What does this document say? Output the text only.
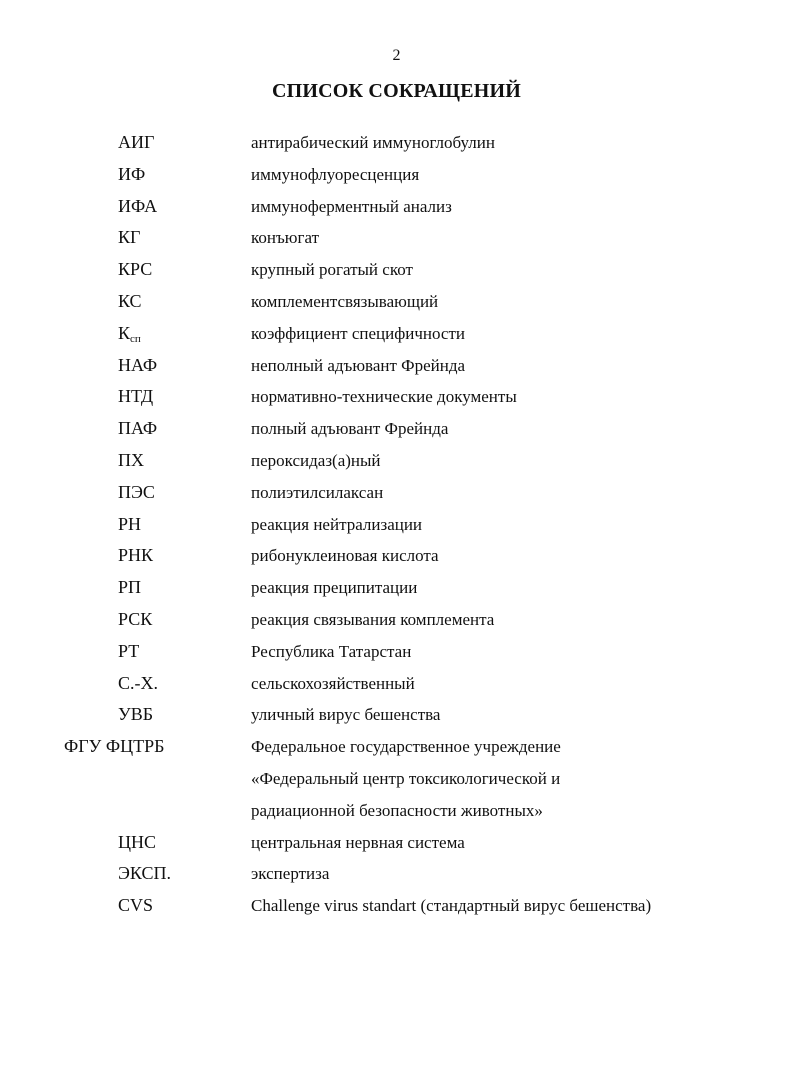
2
СПИСОК СОКРАЩЕНИЙ
АИГ	антирабический иммуноглобулин
ИФ	иммунофлуоресценция
ИФА	иммуноферментный анализ
КГ	конъюгат
КРС	крупный рогатый скот
КС	комплементсвязывающий
$К_{сп}$	коэффициент специфичности
НАФ	неполный адъювант Фрейнда
НТД	нормативно-технические документы
ПАФ	полный адъювант Фрейнда
ПХ	пероксидаз(а)ный
ПЭС	полиэтилсилаксан
РН	реакция нейтрализации
РНК	рибонуклеиновая кислота
РП	реакция преципитации
РСК	реакция связывания комплемента
РТ	Республика Татарстан
С.-Х.	сельскохозяйственный
УВБ	уличный вирус бешенства
ФГУ ФЦТРБ	Федеральное государственное учреждение
«Федеральный центр токсикологической и
радиационной безопасности животных»
ЦНС	центральная нервная система
ЭКСП.	экспертиза
CVS	Challenge virus standart (стандартный вирус бешенства)
